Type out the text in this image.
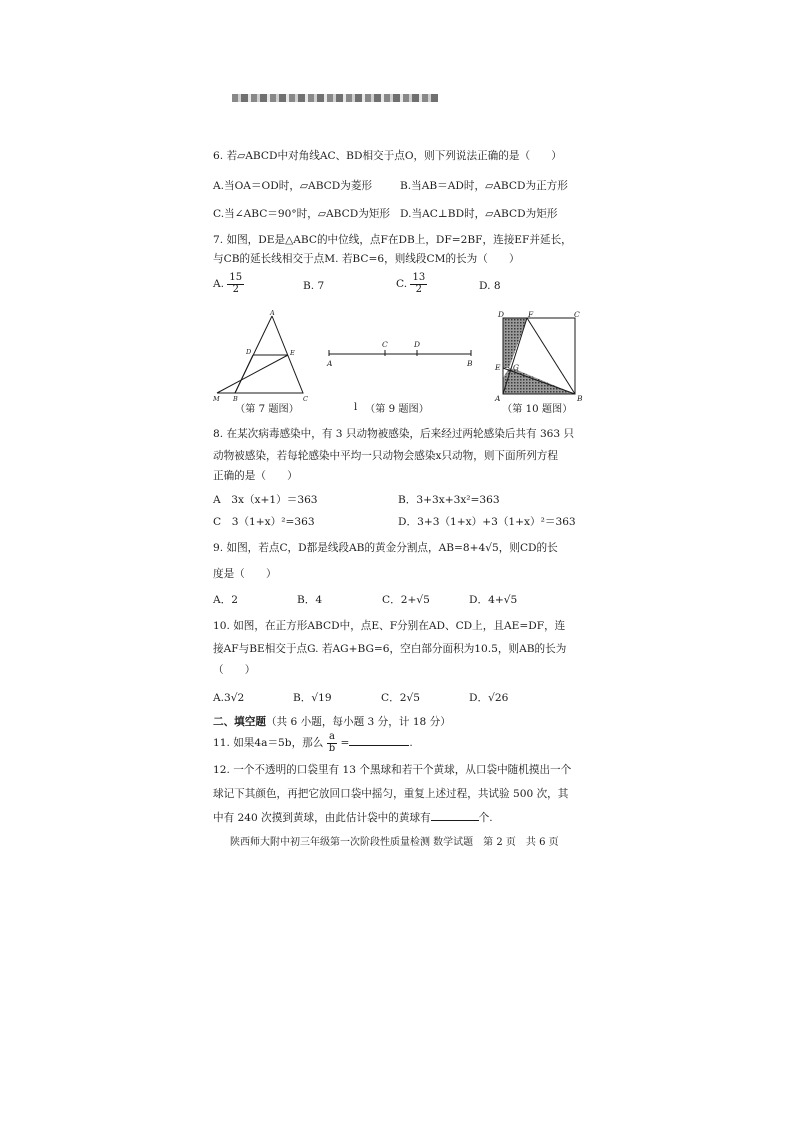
6. 若▱ABCD中对角线AC、BD相交于点O，则下列说法正确的是（　　）
A.当OA＝OD时，▱ABCD为菱形	B.当AB＝AD时，▱ABCD为正方形
C.当∠ABC＝90°时，▱ABCD为矩形 D.当AC⊥BD时，▱ABCD为矩形
7. 如图，DE是△ABC的中位线，点F在DB上，DF=2BF，连接EF并延长，
与CB的延长线相交于点M. 若BC=6，则线段CM的长为（　　）
A. $\frac{15}{2}$	B. 7	C. $\frac{13}{2}$	D. 8
A
D	E
M B	C
A
C	D
B
D	F	C
E G
A	B
（第 7 题图）	l （第 9 题图）	（第 10 题图）
8. 在某次病毒感染中，有 3 只动物被感染，后来经过两轮感染后共有 363 只
动物被感染，若每轮感染中平均一只动物会感染x只动物，则下面所列方程
正确的是（　　）
A　3x（x+1）＝363	B．3+3x+3x²=363
C　3（1+x）²=363	D．3+3（1+x）+3（1+x）²＝363
9. 如图，若点C，D都是线段AB的黄金分割点，AB=8+4√5，则CD的长
度是（　　）
A．2	B．4	C．2+√5	D．4+√5
10. 如图，在正方形ABCD中，点E、F分别在AD、CD上，且AE=DF，连
接AF与BE相交于点G. 若AG+BG=6，空白部分面积为10.5，则AB的长为
（　　）
A.3√2	B．√19	C．2√5	D．√26
二、填空题（共 6 小题，每小题 3 分，计 18 分）
11. 如果4a＝5b，那么 $\frac{a}{b}$ =	.
12. 一个不透明的口袋里有 13 个黑球和若干个黄球，从口袋中随机摸出一个
球记下其颜色，再把它放回口袋中摇匀，重复上述过程，共试验 500 次，其
中有 240 次摸到黄球，由此估计袋中的黄球有	个.
陕西师大附中初三年级第一次阶段性质量检测 数学试题　第 2 页　共 6 页
